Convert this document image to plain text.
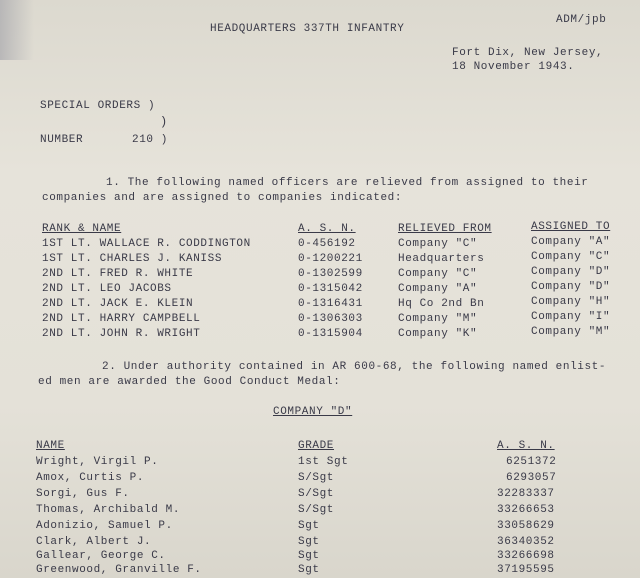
HEADQUARTERS 337TH INFANTRY
ADM/jpb
Fort Dix, New Jersey,
18 November 1943.
SPECIAL ORDERS )
)
NUMBER	210 )
1. The following named officers are relieved from assigned to their
companies and are assigned to companies indicated:
RANK & NAME	A. S. N.	RELIEVED FROM	ASSIGNED TO
1ST LT. WALLACE R. CODDINGTON	0-456192	Company "C"	Company "A"
1ST LT. CHARLES J. KANISS	0-1200221	Headquarters	Company "C"
2ND LT. FRED R. WHITE	0-1302599	Company "C"	Company "D"
2ND LT. LEO JACOBS	0-1315042	Company "A"	Company "D"
2ND LT. JACK E. KLEIN	0-1316431	Hq Co 2nd Bn	Company "H"
2ND LT. HARRY CAMPBELL	0-1306303	Company "M"	Company "I"
2ND LT. JOHN R. WRIGHT	0-1315904	Company "K"	Company "M"
2. Under authority contained in AR 600-68, the following named enlist-
ed men are awarded the Good Conduct Medal:
COMPANY "D"
NAME	GRADE	A. S. N.
Wright, Virgil P.	1st Sgt	6251372
Amox, Curtis P.	S/Sgt	6293057
Sorgi, Gus F.	S/Sgt	32283337
Thomas, Archibald M.	S/Sgt	33266653
Adonizio, Samuel P.	Sgt	33058629
Clark, Albert J.	Sgt	36340352
Gallear, George C.	Sgt	33266698
Greenwood, Granville F.	Sgt	37195595
